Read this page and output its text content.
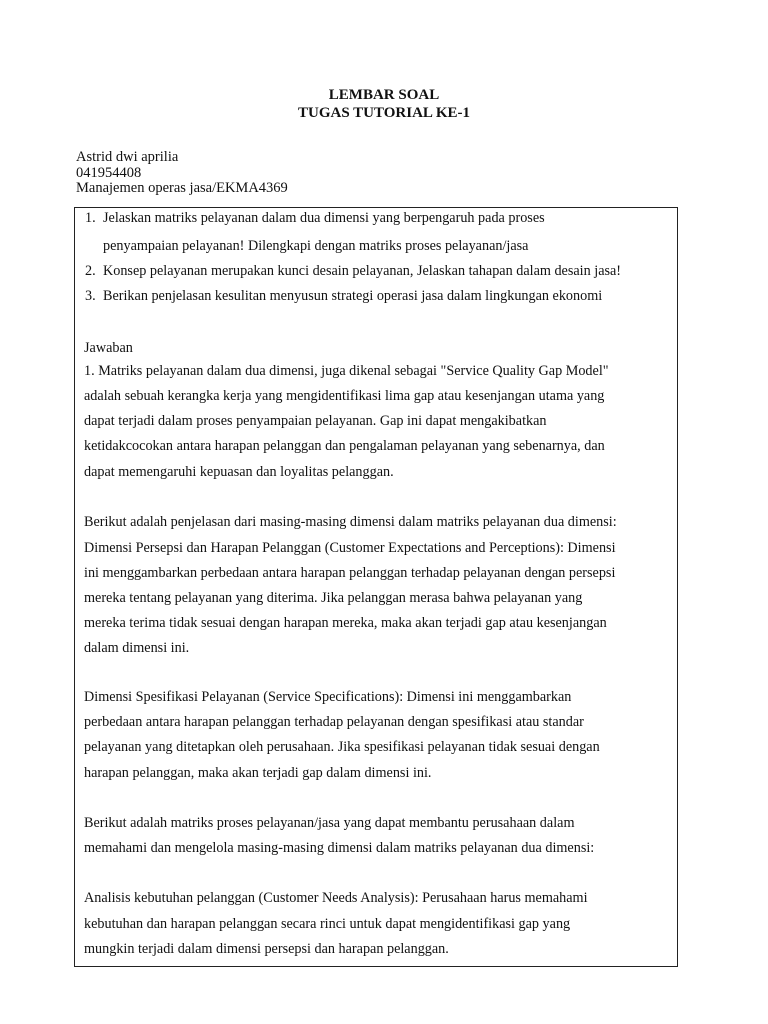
LEMBAR SOAL
TUGAS TUTORIAL KE-1
Astrid dwi aprilia
041954408
Manajemen operas jasa/EKMA4369
1. Jelaskan matriks pelayanan dalam dua dimensi yang berpengaruh pada proses
penyampaian pelayanan! Dilengkapi dengan matriks proses pelayanan/jasa
2. Konsep pelayanan merupakan kunci desain pelayanan, Jelaskan tahapan dalam desain jasa!
3. Berikan penjelasan kesulitan menyusun strategi operasi jasa dalam lingkungan ekonomi
Jawaban
1. Matriks pelayanan dalam dua dimensi, juga dikenal sebagai "Service Quality Gap Model"
adalah sebuah kerangka kerja yang mengidentifikasi lima gap atau kesenjangan utama yang
dapat terjadi dalam proses penyampaian pelayanan. Gap ini dapat mengakibatkan
ketidakcocokan antara harapan pelanggan dan pengalaman pelayanan yang sebenarnya, dan
dapat memengaruhi kepuasan dan loyalitas pelanggan.
Berikut adalah penjelasan dari masing-masing dimensi dalam matriks pelayanan dua dimensi:
Dimensi Persepsi dan Harapan Pelanggan (Customer Expectations and Perceptions): Dimensi
ini menggambarkan perbedaan antara harapan pelanggan terhadap pelayanan dengan persepsi
mereka tentang pelayanan yang diterima. Jika pelanggan merasa bahwa pelayanan yang
mereka terima tidak sesuai dengan harapan mereka, maka akan terjadi gap atau kesenjangan
dalam dimensi ini.
Dimensi Spesifikasi Pelayanan (Service Specifications): Dimensi ini menggambarkan
perbedaan antara harapan pelanggan terhadap pelayanan dengan spesifikasi atau standar
pelayanan yang ditetapkan oleh perusahaan. Jika spesifikasi pelayanan tidak sesuai dengan
harapan pelanggan, maka akan terjadi gap dalam dimensi ini.
Berikut adalah matriks proses pelayanan/jasa yang dapat membantu perusahaan dalam
memahami dan mengelola masing-masing dimensi dalam matriks pelayanan dua dimensi:
Analisis kebutuhan pelanggan (Customer Needs Analysis): Perusahaan harus memahami
kebutuhan dan harapan pelanggan secara rinci untuk dapat mengidentifikasi gap yang
mungkin terjadi dalam dimensi persepsi dan harapan pelanggan.
